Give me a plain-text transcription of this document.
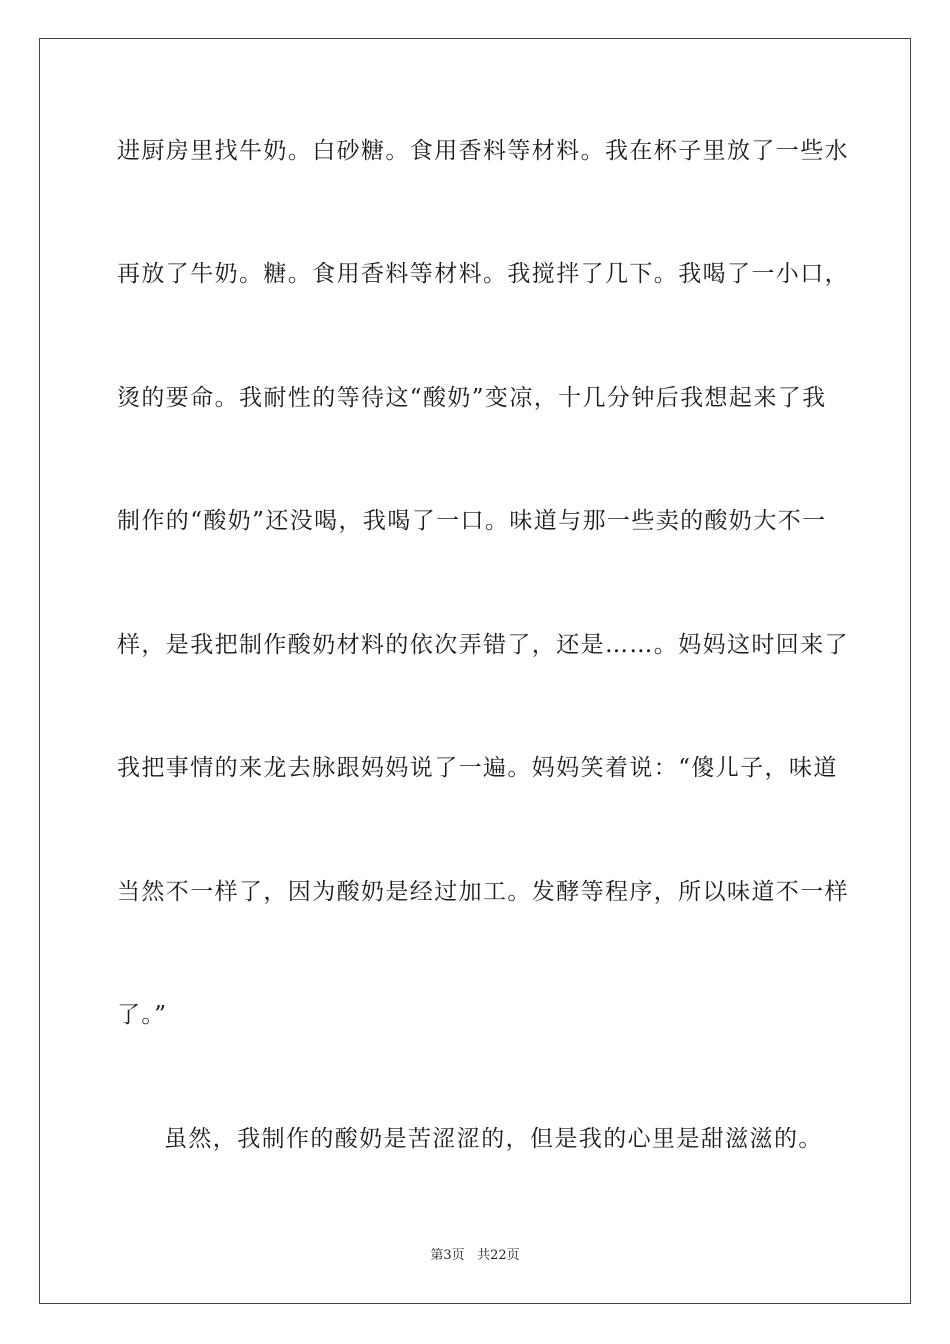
进厨房里找牛奶。白砂糖。食用香料等材料。我在杯子里放了一些水
再放了牛奶。糖。食用香料等材料。我搅拌了几下。我喝了一小口，
烫的要命。我耐性的等待这“酸奶”变凉，十几分钟后我想起来了我
制作的“酸奶”还没喝，我喝了一口。味道与那一些卖的酸奶大不一
样，是我把制作酸奶材料的依次弄错了，还是……。妈妈这时回来了
我把事情的来龙去脉跟妈妈说了一遍。妈妈笑着说：“傻儿子，味道
当然不一样了，因为酸奶是经过加工。发酵等程序，所以味道不一样
了。”
虽然，我制作的酸奶是苦涩涩的，但是我的心里是甜滋滋的。
第3页 共22页
